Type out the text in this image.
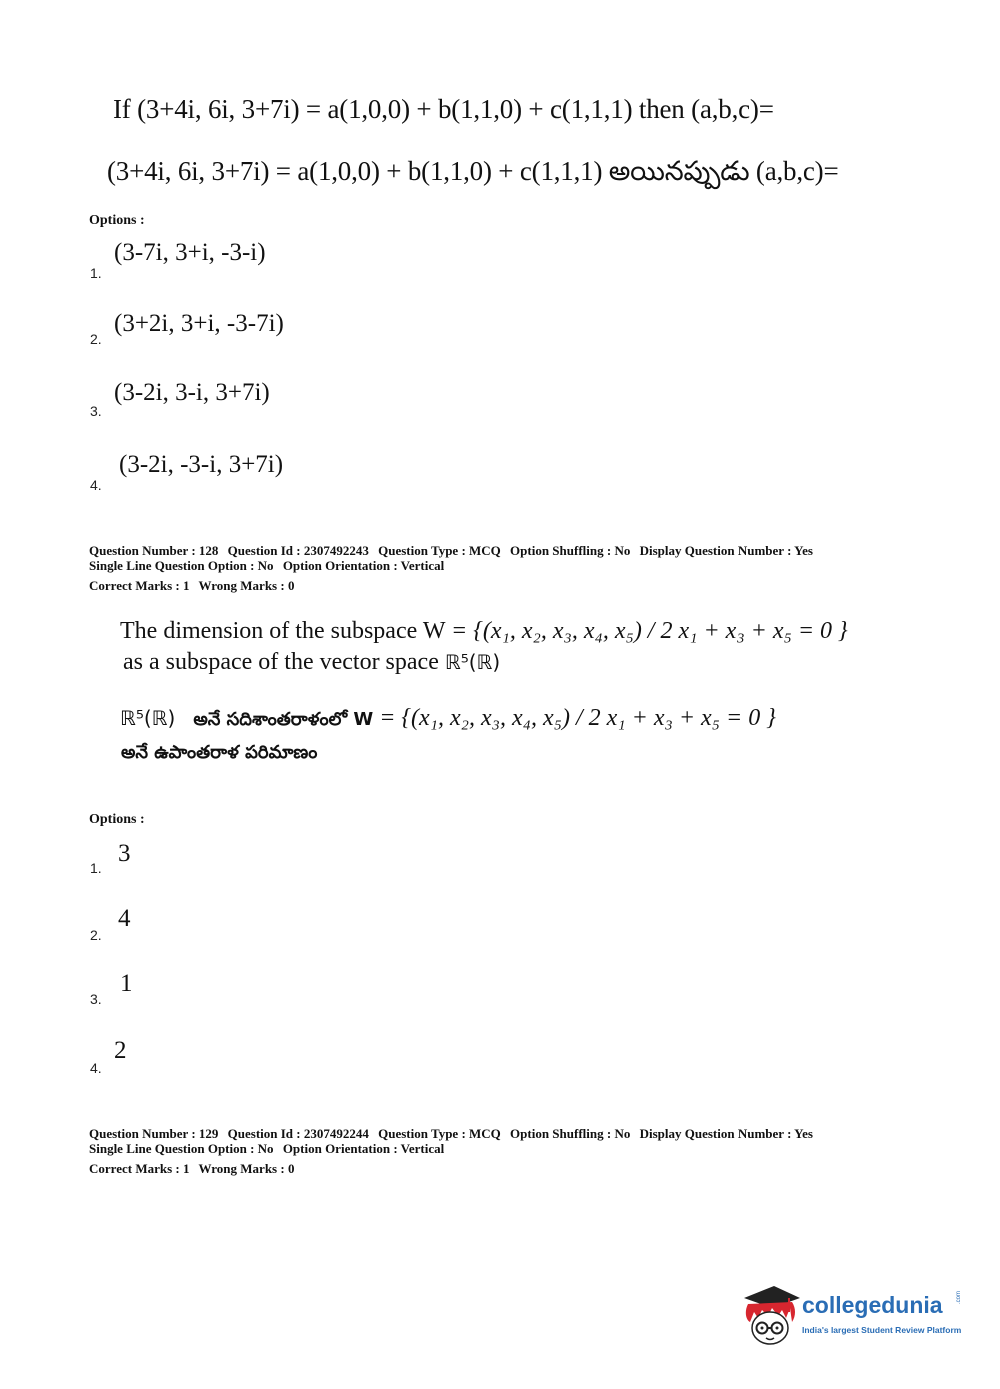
If (3+4i, 6i, 3+7i) = a(1,0,0) + b(1,1,0) + c(1,1,1) then (a,b,c)=
(3+4i, 6i, 3+7i) = a(1,0,0) + b(1,1,0) + c(1,1,1) అయినప్పుడు (a,b,c)=
Options :
(3-7i, 3+i, -3-i)
1.
(3+2i, 3+i, -3-7i)
2.
(3-2i, 3-i, 3+7i)
3.
(3-2i, -3-i, 3+7i)
4.
Question Number : 128 Question Id : 2307492243 Question Type : MCQ Option Shuffling : No Display Question Number : Yes
Single Line Question Option : No Option Orientation : Vertical
Correct Marks : 1 Wrong Marks : 0
The dimension of the subspace W = {(x₁, x₂, x₃, x₄, x₅) / 2 x₁ + x₃ + x₅ = 0 }
as a subspace of the vector space ℝ⁵(ℝ)
ℝ⁵(ℝ) అనే సదిశాంతరాళంలో W = {(x₁, x₂, x₃, x₄, x₅) / 2 x₁ + x₃ + x₅ = 0 }
అనే ఉపాంతరాళ పరిమాణం
Options :
3
1.
4
2.
1
3.
2
4.
Question Number : 129 Question Id : 2307492244 Question Type : MCQ Option Shuffling : No Display Question Number : Yes
Single Line Question Option : No Option Orientation : Vertical
Correct Marks : 1 Wrong Marks : 0
collegedunia .com
India's largest Student Review Platform
